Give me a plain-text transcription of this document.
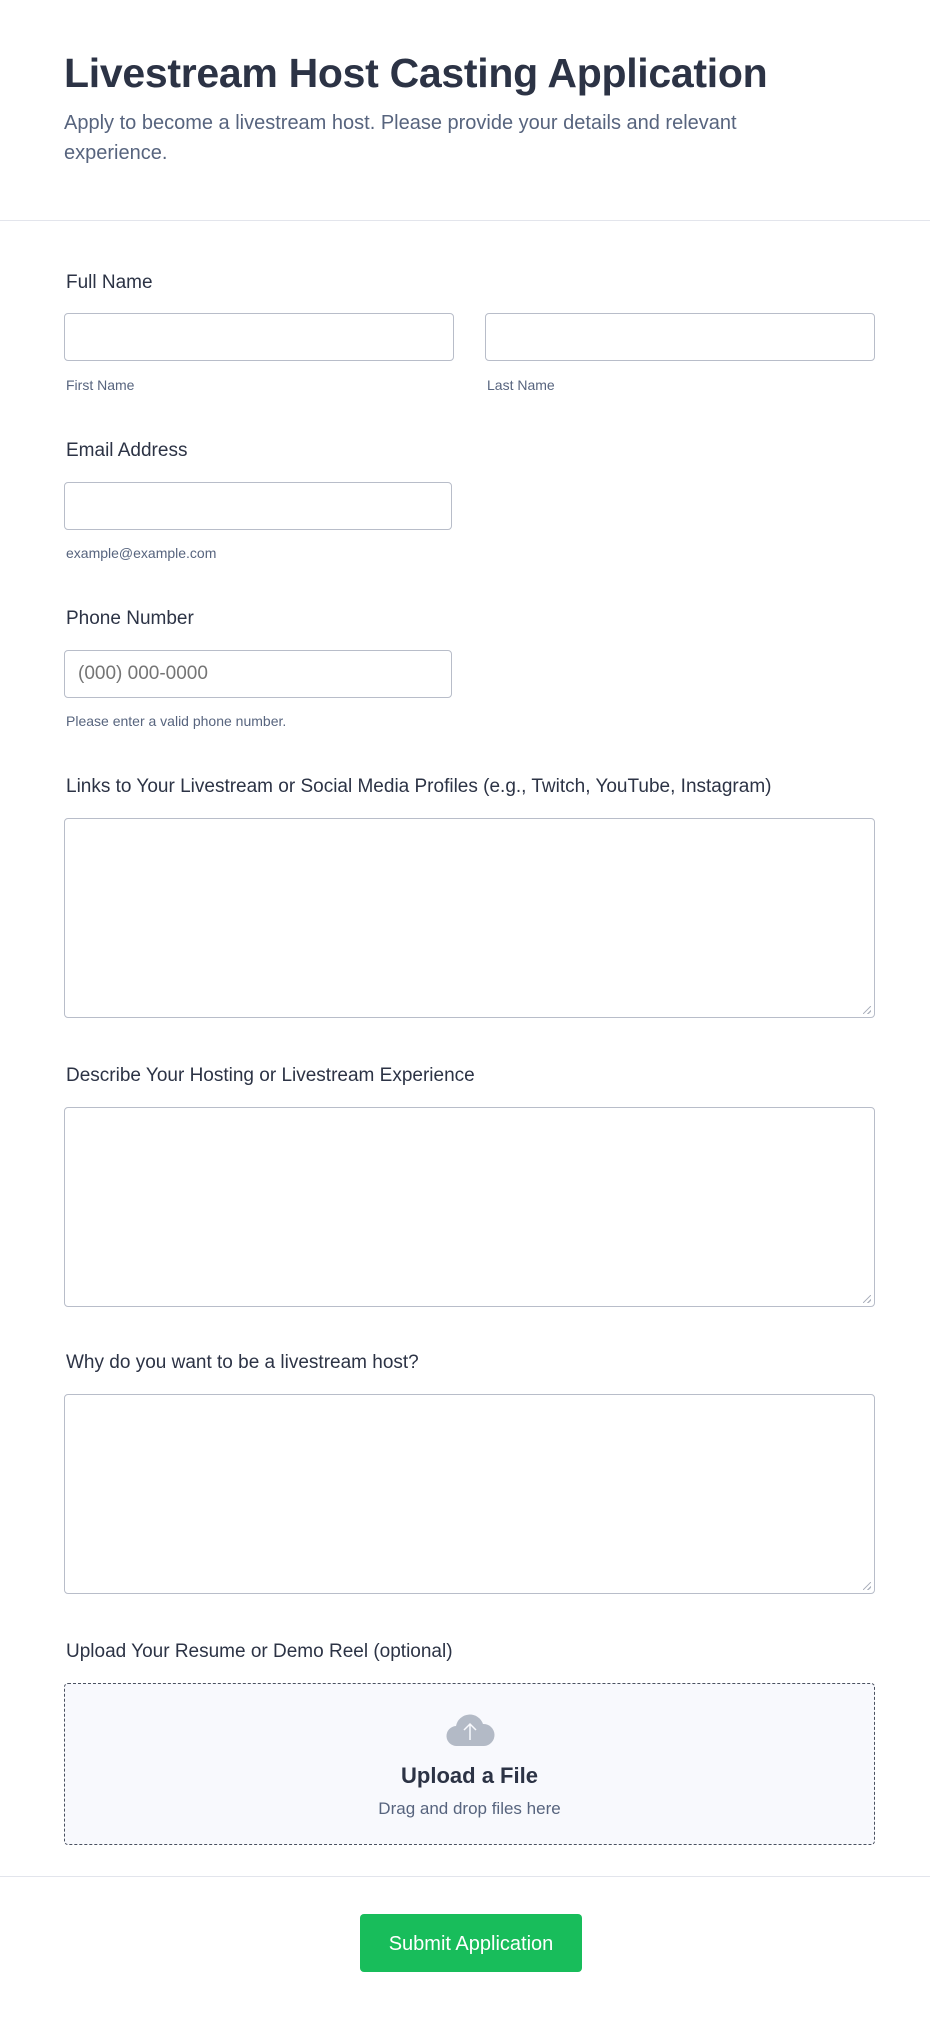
Livestream Host Casting Application
Apply to become a livestream host. Please provide your details and relevant experience.
Full Name
First Name	Last Name
Email Address
example@example.com
Phone Number
(000) 000-0000
Please enter a valid phone number.
Links to Your Livestream or Social Media Profiles (e.g., Twitch, YouTube, Instagram)
Describe Your Hosting or Livestream Experience
Why do you want to be a livestream host?
Upload Your Resume or Demo Reel (optional)
Upload a File
Drag and drop files here
Submit Application
